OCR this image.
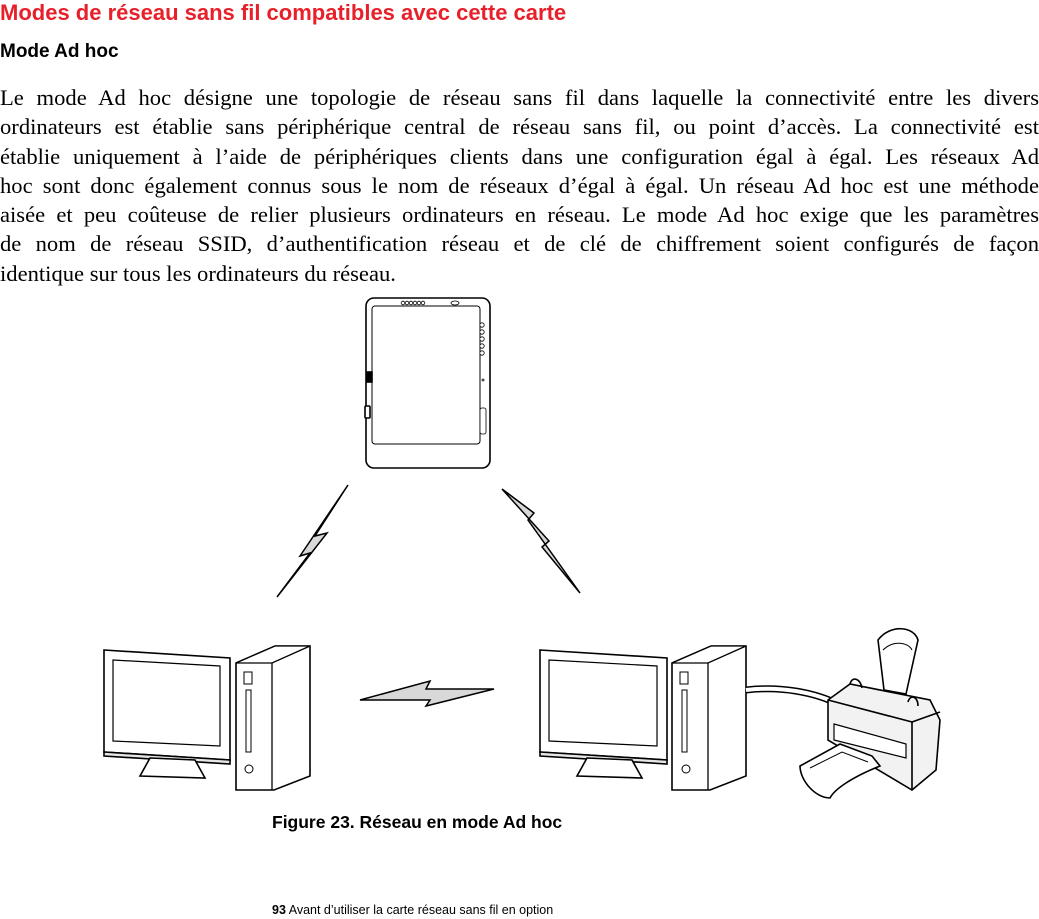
Modes de réseau sans fil compatibles avec cette carte
Mode Ad hoc

Le mode Ad hoc désigne une topologie de réseau sans fil dans laquelle la connectivité entre les divers
ordinateurs est établie sans périphérique central de réseau sans fil, ou point d’accès. La connectivité est
établie uniquement à l’aide de périphériques clients dans une configuration égal à égal. Les réseaux Ad
hoc sont donc également connus sous le nom de réseaux d’égal à égal. Un réseau Ad hoc est une méthode
aisée et peu coûteuse de relier plusieurs ordinateurs en réseau. Le mode Ad hoc exige que les paramètres
de nom de réseau SSID, d’authentification réseau et de clé de chiffrement soient configurés de façon
identique sur tous les ordinateurs du réseau.

Figure 23. Réseau en mode Ad hoc

93 Avant d’utiliser la carte réseau sans fil en option
